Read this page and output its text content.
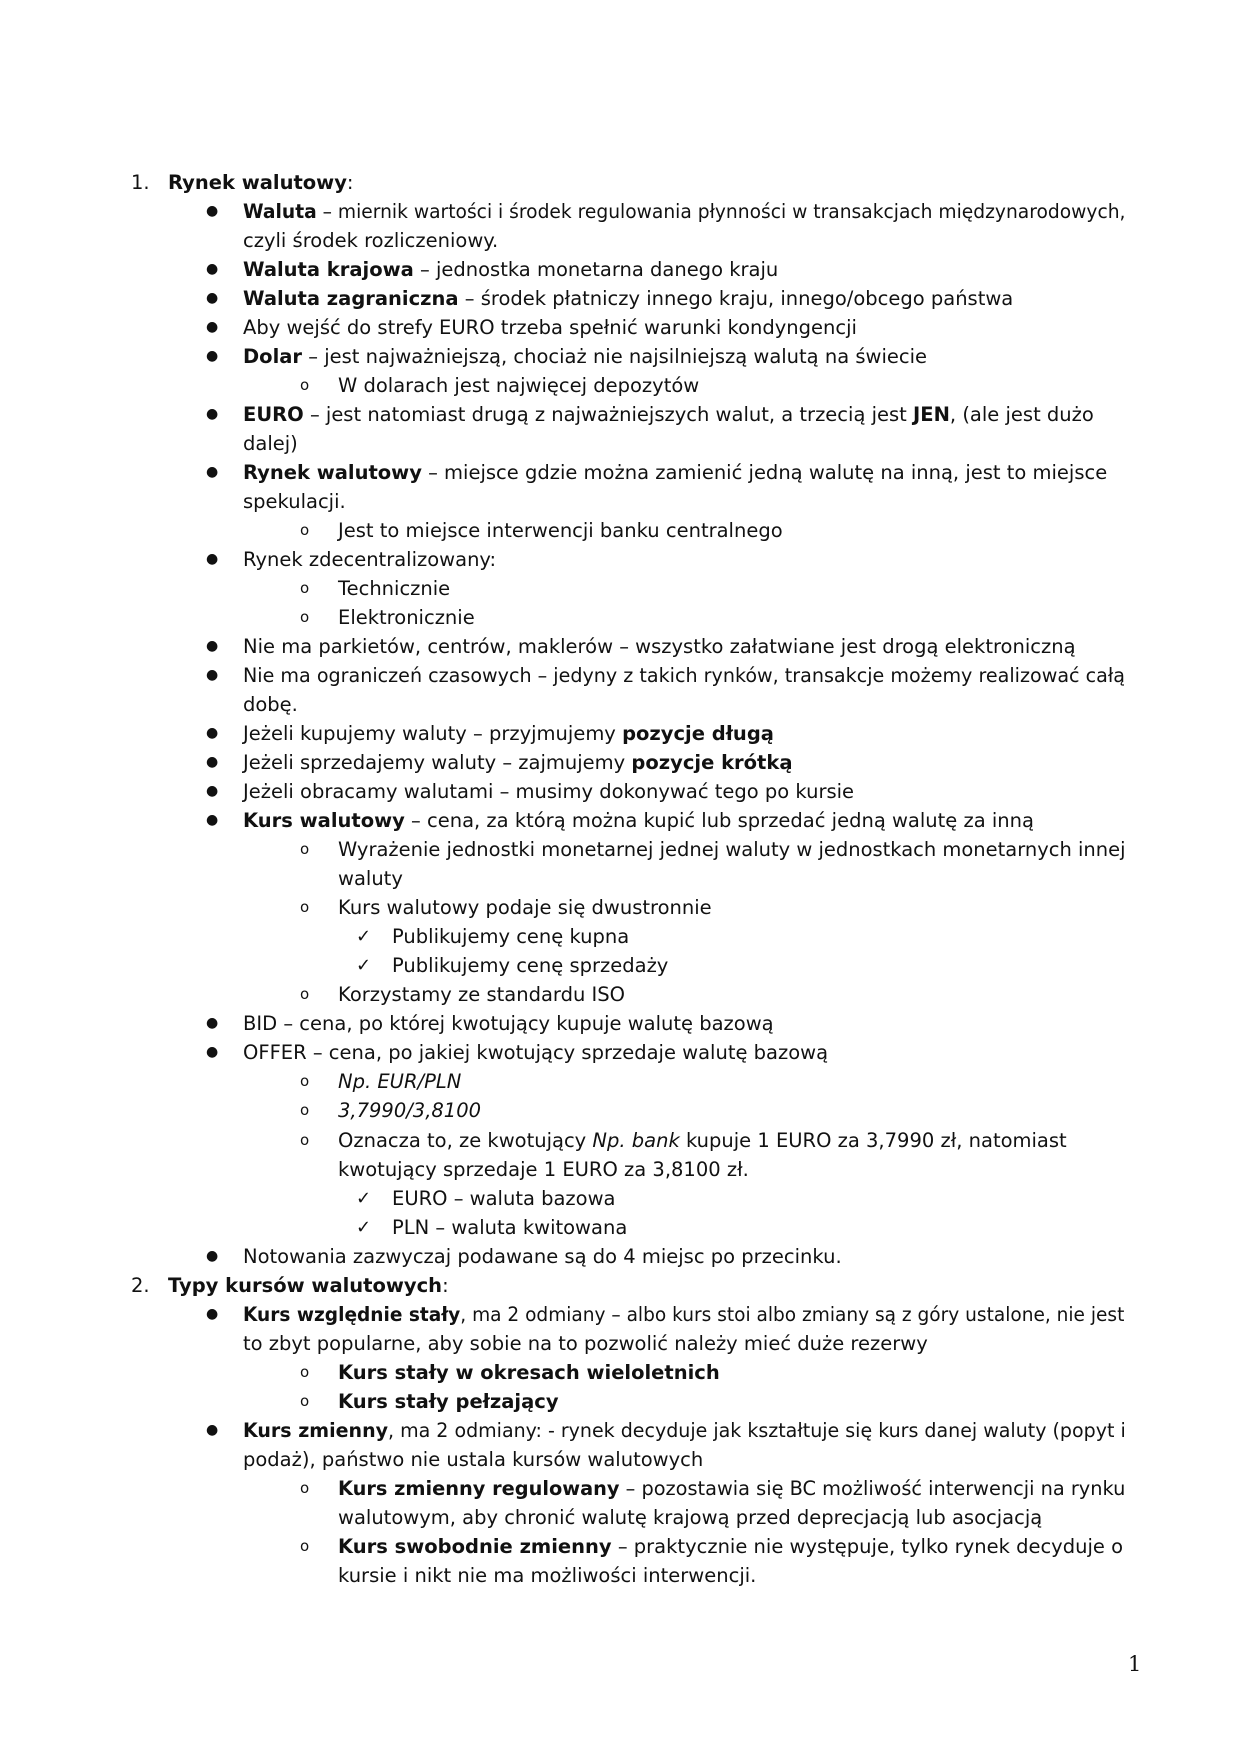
1. Rynek walutowy:
● Waluta – miernik wartości i środek regulowania płynności w transakcjach międzynarodowych,
czyli środek rozliczeniowy.
● Waluta krajowa – jednostka monetarna danego kraju
● Waluta zagraniczna – środek płatniczy innego kraju, innego/obcego państwa
● Aby wejść do strefy EURO trzeba spełnić warunki kondyngencji
● Dolar – jest najważniejszą, chociaż nie najsilniejszą walutą na świecie
o W dolarach jest najwięcej depozytów
● EURO – jest natomiast drugą z najważniejszych walut, a trzecią jest JEN, (ale jest dużo
dalej)
● Rynek walutowy – miejsce gdzie można zamienić jedną walutę na inną, jest to miejsce
spekulacji.
o Jest to miejsce interwencji banku centralnego
● Rynek zdecentralizowany:
o Technicznie
o Elektronicznie
● Nie ma parkietów, centrów, maklerów – wszystko załatwiane jest drogą elektroniczną
● Nie ma ograniczeń czasowych – jedyny z takich rynków, transakcje możemy realizować całą
dobę.
● Jeżeli kupujemy waluty – przyjmujemy pozycje długą
● Jeżeli sprzedajemy waluty – zajmujemy pozycje krótką
● Jeżeli obracamy walutami – musimy dokonywać tego po kursie
● Kurs walutowy – cena, za którą można kupić lub sprzedać jedną walutę za inną
o Wyrażenie jednostki monetarnej jednej waluty w jednostkach monetarnych innej
waluty
o Kurs walutowy podaje się dwustronnie
✓ Publikujemy cenę kupna
✓ Publikujemy cenę sprzedaży
o Korzystamy ze standardu ISO
● BID – cena, po której kwotujący kupuje walutę bazową
● OFFER – cena, po jakiej kwotujący sprzedaje walutę bazową
o Np. EUR/PLN
o 3,7990/3,8100
o Oznacza to, ze kwotujący Np. bank kupuje 1 EURO za 3,7990 zł, natomiast
kwotujący sprzedaje 1 EURO za 3,8100 zł.
✓ EURO – waluta bazowa
✓ PLN – waluta kwitowana
● Notowania zazwyczaj podawane są do 4 miejsc po przecinku.
2. Typy kursów walutowych:
● Kurs względnie stały, ma 2 odmiany – albo kurs stoi albo zmiany są z góry ustalone, nie jest
to zbyt popularne, aby sobie na to pozwolić należy mieć duże rezerwy
o Kurs stały w okresach wieloletnich
o Kurs stały pełzający
● Kurs zmienny, ma 2 odmiany: - rynek decyduje jak kształtuje się kurs danej waluty (popyt i
podaż), państwo nie ustala kursów walutowych
o Kurs zmienny regulowany – pozostawia się BC możliwość interwencji na rynku
walutowym, aby chronić walutę krajową przed deprecjacją lub asocjacją
o Kurs swobodnie zmienny – praktycznie nie występuje, tylko rynek decyduje o
kursie i nikt nie ma możliwości interwencji.
1
